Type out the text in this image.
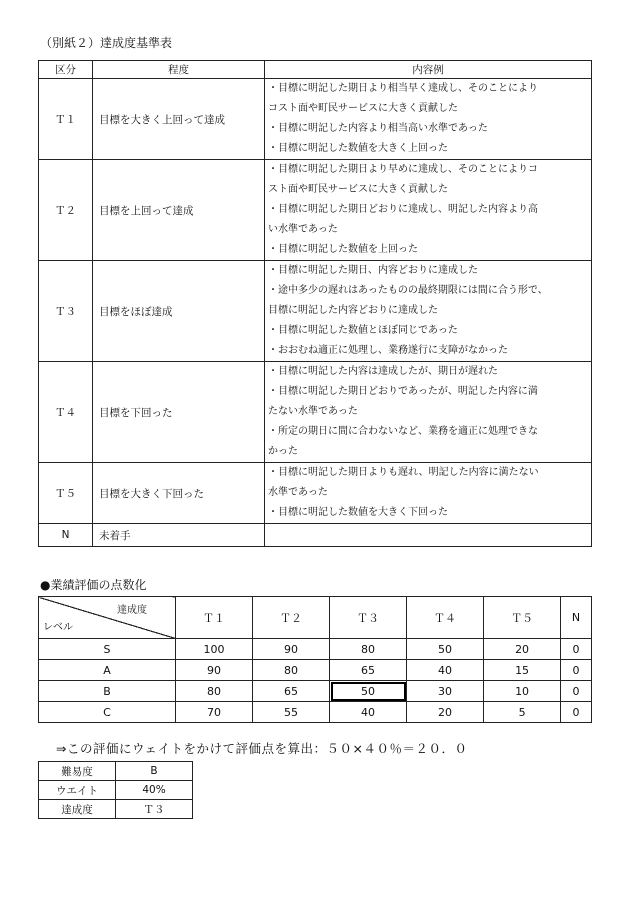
（別紙２）達成度基準表
区分	程度	内容例
Ｔ１	目標を大きく上回って達成	・目標に明記した期日より相当早く達成し、そのことにより
コスト面や町民サービスに大きく貢献した
・目標に明記した内容より相当高い水準であった
・目標に明記した数値を大きく上回った

Ｔ２	目標を上回って達成	・目標に明記した期日より早めに達成し、そのことによりコ
スト面や町民サービスに大きく貢献した
・目標に明記した期日どおりに達成し、明記した内容より高
い水準であった
・目標に明記した数値を上回った

Ｔ３	目標をほぼ達成	・目標に明記した期日、内容どおりに達成した
・途中多少の遅れはあったものの最終期限には間に合う形で、
目標に明記した内容どおりに達成した
・目標に明記した数値とほぼ同じであった
・おおむね適正に処理し、業務遂行に支障がなかった

Ｔ４	目標を下回った	・目標に明記した内容は達成したが、期日が遅れた
・目標に明記した期日どおりであったが、明記した内容に満
たない水準であった
・所定の期日に間に合わないなど、業務を適正に処理できな
かった

Ｔ５	目標を大きく下回った	・目標に明記した期日よりも遅れ、明記した内容に満たない
水準であった
・目標に明記した数値を大きく下回った

N	未着手	
●業績評価の点数化
達成度
レベル	Ｔ１	Ｔ２	Ｔ３	Ｔ４	Ｔ５	N
S	100	90	80	50	20	0
A	90	80	65	40	15	0
B	80	65	50	30	10	0
C	70	55	40	20	5	0
⇒この評価にウェイトをかけて評価点を算出：５０×４０％＝２０．０
難易度	B
ウエイト	40%
達成度	Ｔ３
